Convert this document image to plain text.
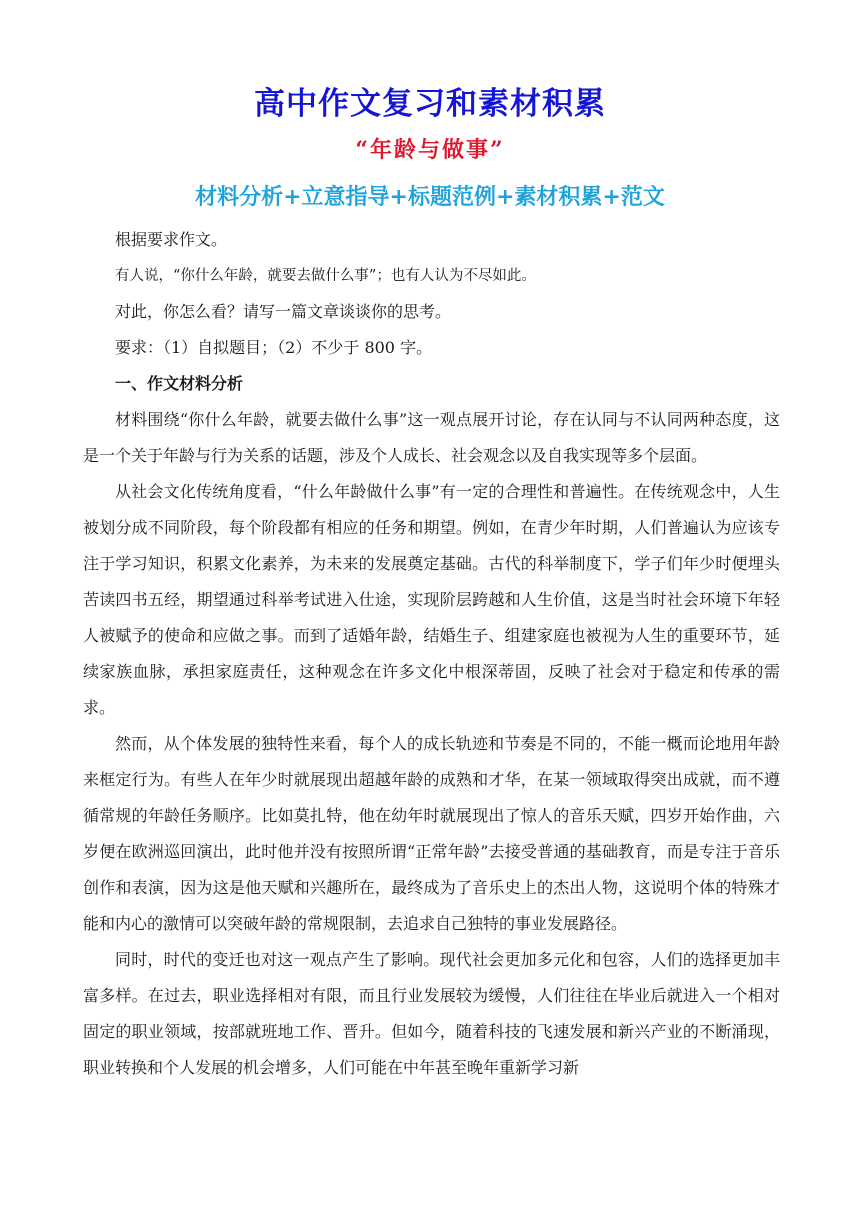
高中作文复习和素材积累
“年龄与做事”
材料分析+立意指导+标题范例+素材积累+范文

根据要求作文。

有人说，“你什么年龄，就要去做什么事”；也有人认为不尽如此。

对此，你怎么看？请写一篇文章谈谈你的思考。

要求：（1）自拟题目；（2）不少于 800 字。

一、作文材料分析

材料围绕“你什么年龄，就要去做什么事”这一观点展开讨论，存在认同与不认同两种态度，这是一个关于年龄与行为关系的话题，涉及个人成长、社会观念以及自我实现等多个层面。

从社会文化传统角度看，“什么年龄做什么事”有一定的合理性和普遍性。在传统观念中，人生被划分成不同阶段，每个阶段都有相应的任务和期望。例如，在青少年时期，人们普遍认为应该专注于学习知识，积累文化素养，为未来的发展奠定基础。古代的科举制度下，学子们年少时便埋头苦读四书五经，期望通过科举考试进入仕途，实现阶层跨越和人生价值，这是当时社会环境下年轻人被赋予的使命和应做之事。而到了适婚年龄，结婚生子、组建家庭也被视为人生的重要环节，延续家族血脉，承担家庭责任，这种观念在许多文化中根深蒂固，反映了社会对于稳定和传承的需求。

然而，从个体发展的独特性来看，每个人的成长轨迹和节奏是不同的，不能一概而论地用年龄来框定行为。有些人在年少时就展现出超越年龄的成熟和才华，在某一领域取得突出成就，而不遵循常规的年龄任务顺序。比如莫扎特，他在幼年时就展现出了惊人的音乐天赋，四岁开始作曲，六岁便在欧洲巡回演出，此时他并没有按照所谓“正常年龄”去接受普通的基础教育，而是专注于音乐创作和表演，因为这是他天赋和兴趣所在，最终成为了音乐史上的杰出人物，这说明个体的特殊才能和内心的激情可以突破年龄的常规限制，去追求自己独特的事业发展路径。

同时，时代的变迁也对这一观点产生了影响。现代社会更加多元化和包容，人们的选择更加丰富多样。在过去，职业选择相对有限，而且行业发展较为缓慢，人们往往在毕业后就进入一个相对固定的职业领域，按部就班地工作、晋升。但如今，随着科技的飞速发展和新兴产业的不断涌现，职业转换和个人发展的机会增多，人们可能在中年甚至晚年重新学习新
